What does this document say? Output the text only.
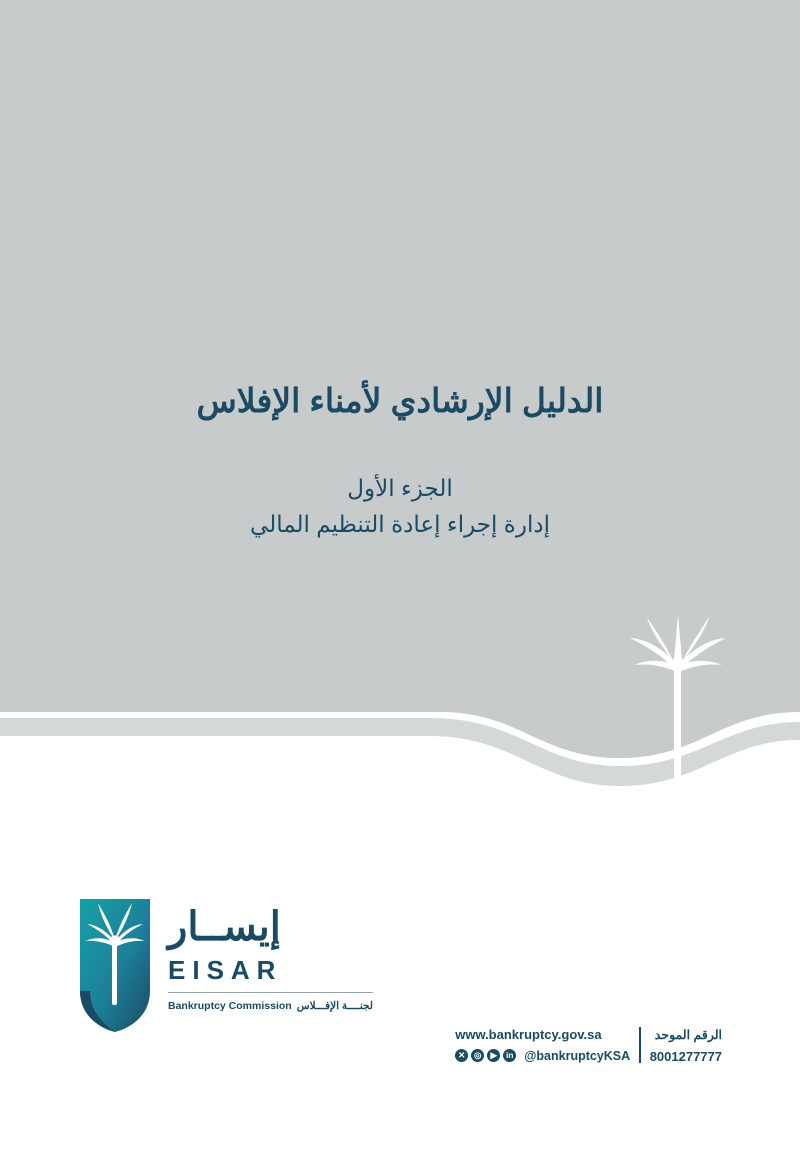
الدليل الإرشادي لأمناء الإفلاس
الجزء الأول
إدارة إجراء إعادة التنظيم المالي
إيســار
EISAR
Bankruptcy Commission لجنــــة الإفـــلاس
الرقم الموحد
8001277777
www.bankruptcy.gov.sa
✕	◎	▶	in @bankruptcyKSA
